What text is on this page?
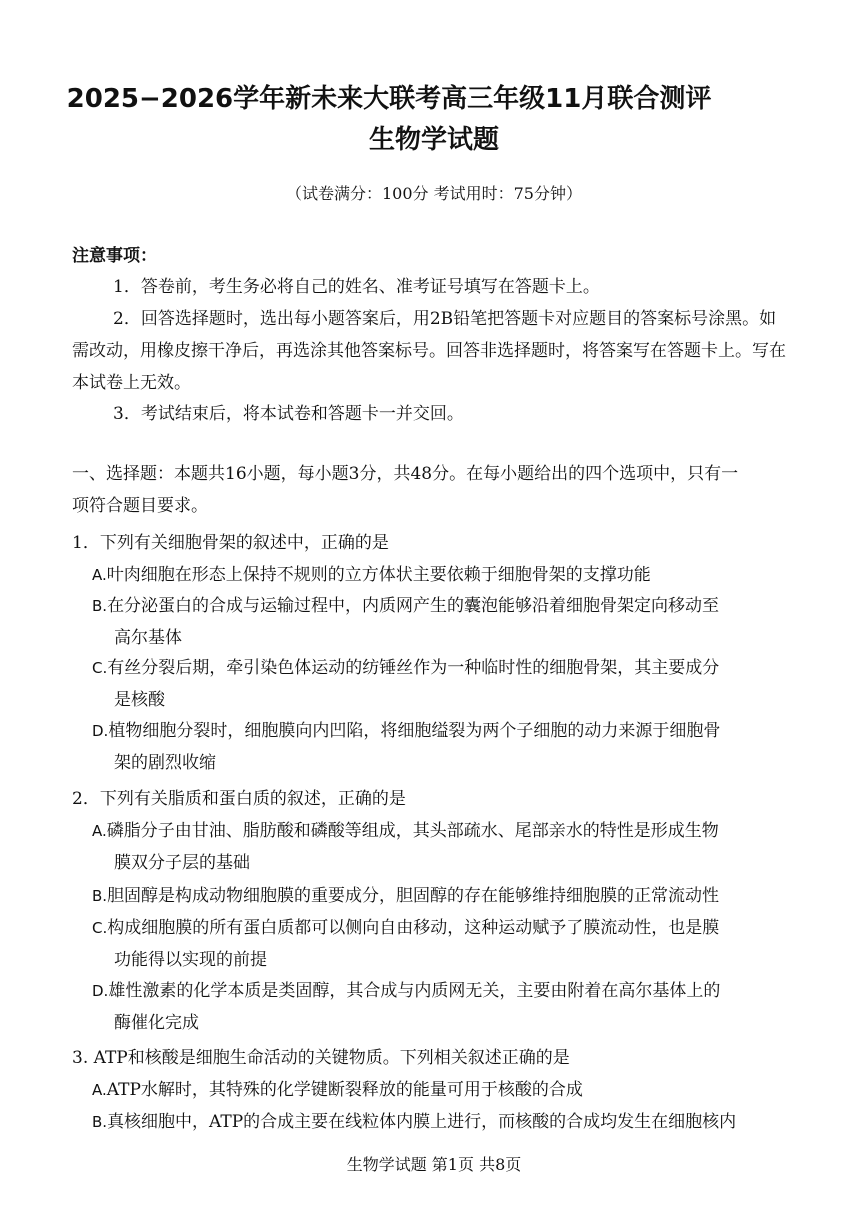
2025−2026学年新未来大联考高三年级11月联合测评
生物学试题
（试卷满分：100分 考试用时：75分钟）
注意事项：
1．答卷前，考生务必将自己的姓名、准考证号填写在答题卡上。
2．回答选择题时，选出每小题答案后，用2B铅笔把答题卡对应题目的答案标号涂黑。如需改动，用橡皮擦干净后，再选涂其他答案标号。回答非选择题时，将答案写在答题卡上。写在本试卷上无效。
3．考试结束后，将本试卷和答题卡一并交回。
一、选择题：本题共16小题，每小题3分，共48分。在每小题给出的四个选项中，只有一
项符合题目要求。
1．下列有关细胞骨架的叙述中，正确的是
A.叶肉细胞在形态上保持不规则的立方体状主要依赖于细胞骨架的支撑功能
B.在分泌蛋白的合成与运输过程中，内质网产生的囊泡能够沿着细胞骨架定向移动至
高尔基体
C.有丝分裂后期，牵引染色体运动的纺锤丝作为一种临时性的细胞骨架，其主要成分
是核酸
D.植物细胞分裂时，细胞膜向内凹陷，将细胞缢裂为两个子细胞的动力来源于细胞骨
架的剧烈收缩
2．下列有关脂质和蛋白质的叙述，正确的是
A.磷脂分子由甘油、脂肪酸和磷酸等组成，其头部疏水、尾部亲水的特性是形成生物
膜双分子层的基础
B.胆固醇是构成动物细胞膜的重要成分，胆固醇的存在能够维持细胞膜的正常流动性
C.构成细胞膜的所有蛋白质都可以侧向自由移动，这种运动赋予了膜流动性，也是膜
功能得以实现的前提
D.雄性激素的化学本质是类固醇，其合成与内质网无关，主要由附着在高尔基体上的
酶催化完成
3. ATP和核酸是细胞生命活动的关键物质。下列相关叙述正确的是
A.ATP水解时，其特殊的化学键断裂释放的能量可用于核酸的合成
B.真核细胞中，ATP的合成主要在线粒体内膜上进行，而核酸的合成均发生在细胞核内
生物学试题 第1页 共8页
